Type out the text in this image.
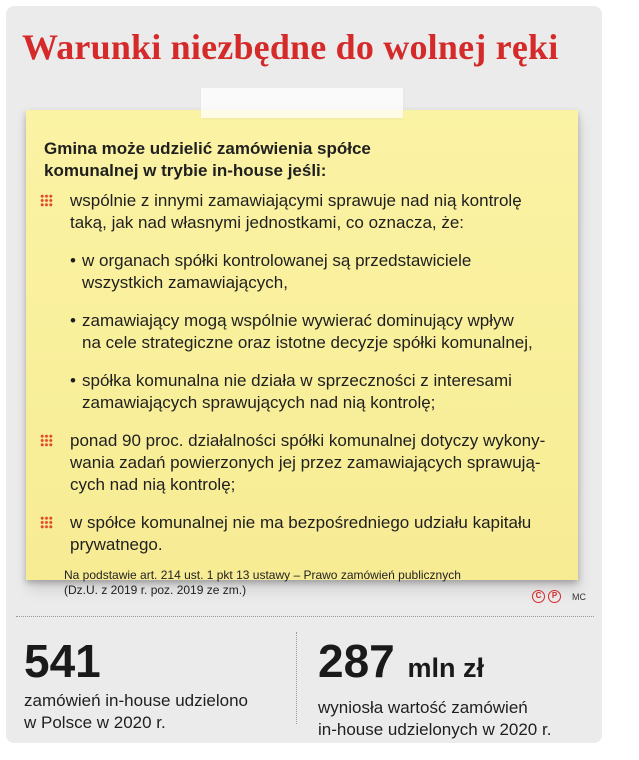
Warunki niezbędne do wolnej ręki
Gmina może udzielić zamówienia spółce
komunalnej w trybie in-house jeśli:
wspólnie z innymi zamawiającymi sprawuje nad nią kontrolę
taką, jak nad własnymi jednostkami, co oznacza, że:
• w organach spółki kontrolowanej są przedstawiciele
wszystkich zamawiających,
• zamawiający mogą wspólnie wywierać dominujący wpływ
na cele strategiczne oraz istotne decyzje spółki komunalnej,
• spółka komunalna nie działa w sprzeczności z interesami
zamawiających sprawujących nad nią kontrolę;
ponad 90 proc. działalności spółki komunalnej dotyczy wykony-
wania zadań powierzonych jej przez zamawiających sprawują-
cych nad nią kontrolę;
w spółce komunalnej nie ma bezpośredniego udziału kapitału
prywatnego.
Na podstawie art. 214 ust. 1 pkt 13 ustawy – Prawo zamówień publicznych
(Dz.U. z 2019 r. poz. 2019 ze zm.)	C	P	MC
541
zamówień in-house udzielono
w Polsce w 2020 r.
287 mln zł
wyniosła wartość zamówień
in-house udzielonych w 2020 r.
